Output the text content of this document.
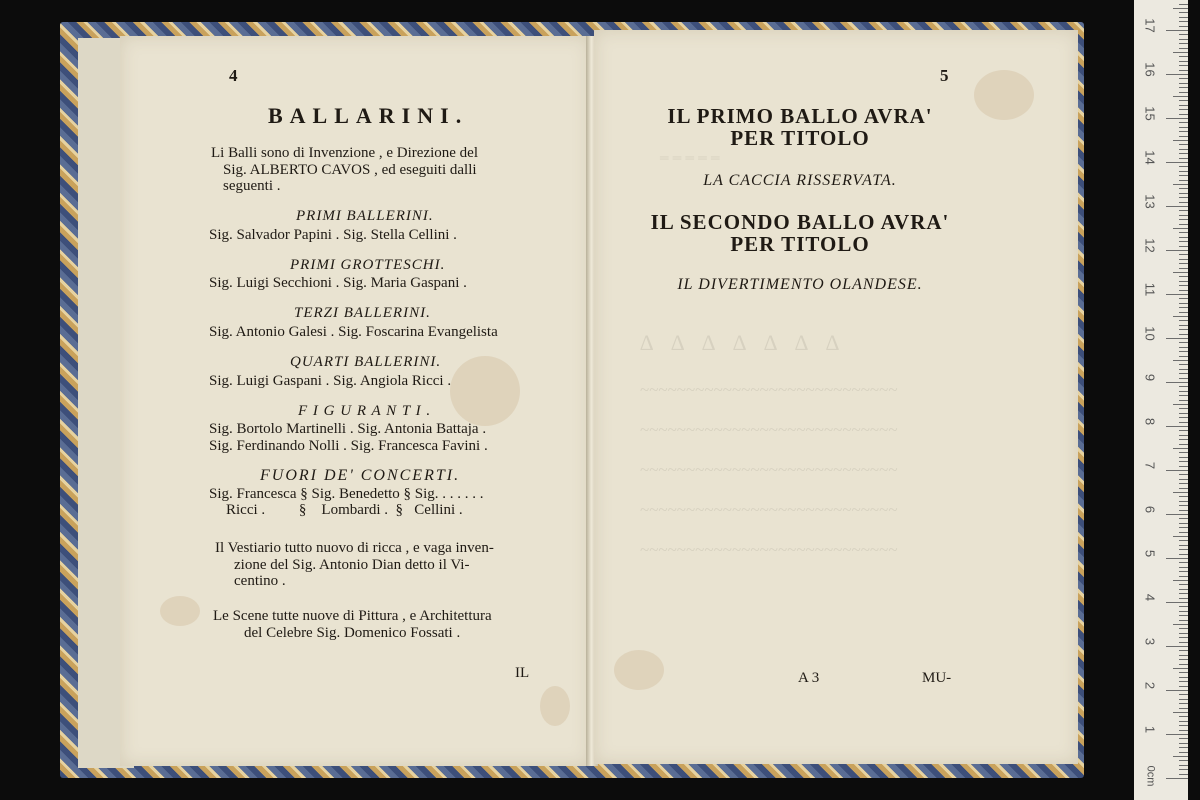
‗ ‗ ‗ ‗ ‗
∆ ∆ ∆ ∆ ∆ ∆ ∆
~~~~~~~~~~~~~~~~~~~~~~~~~~~~
~~~~~~~~~~~~~~~~~~~~~~~~~~~~
~~~~~~~~~~~~~~~~~~~~~~~~~~~~
~~~~~~~~~~~~~~~~~~~~~~~~~~~~
~~~~~~~~~~~~~~~~~~~~~~~~~~~~
4
BALLARINI.
Li Balli sono di Invenzione , e Direzione del
Sig. ALBERTO CAVOS , ed eseguiti dalli
seguenti .
PRIMI BALLERINI.
Sig. Salvador Papini . Sig. Stella Cellini .
PRIMI GROTTESCHI.
Sig. Luigi Secchioni . Sig. Maria Gaspani .
TERZI BALLERINI.
Sig. Antonio Galesi . Sig. Foscarina Evangelista
QUARTI BALLERINI.
Sig. Luigi Gaspani . Sig. Angiola Ricci .
F I G U R A N T I .
Sig. Bortolo Martinelli . Sig. Antonia Battaja .
Sig. Ferdinando Nolli . Sig. Francesca Favini .
FUORI DE' CONCERTI.
Sig. Francesca § Sig. Benedetto § Sig. . . . . . .
Ricci .         §    Lombardi .  §   Cellini .
Il Vestiario tutto nuovo di ricca , e vaga inven-
zione del Sig. Antonio Dian detto il Vi-
centino .
Le Scene tutte nuove di Pittura , e Architettura
del Celebre Sig. Domenico Fossati .
IL
5
IL PRIMO BALLO AVRA'
PER TITOLO
LA CACCIA RISSERVATA.
IL SECONDO BALLO AVRA'
PER TITOLO
IL DIVERTIMENTO OLANDESE.
A 3	MU-
17
16
15
14
13
12
11
10
9
8
7
6
5
4
3
2
1
0cm
